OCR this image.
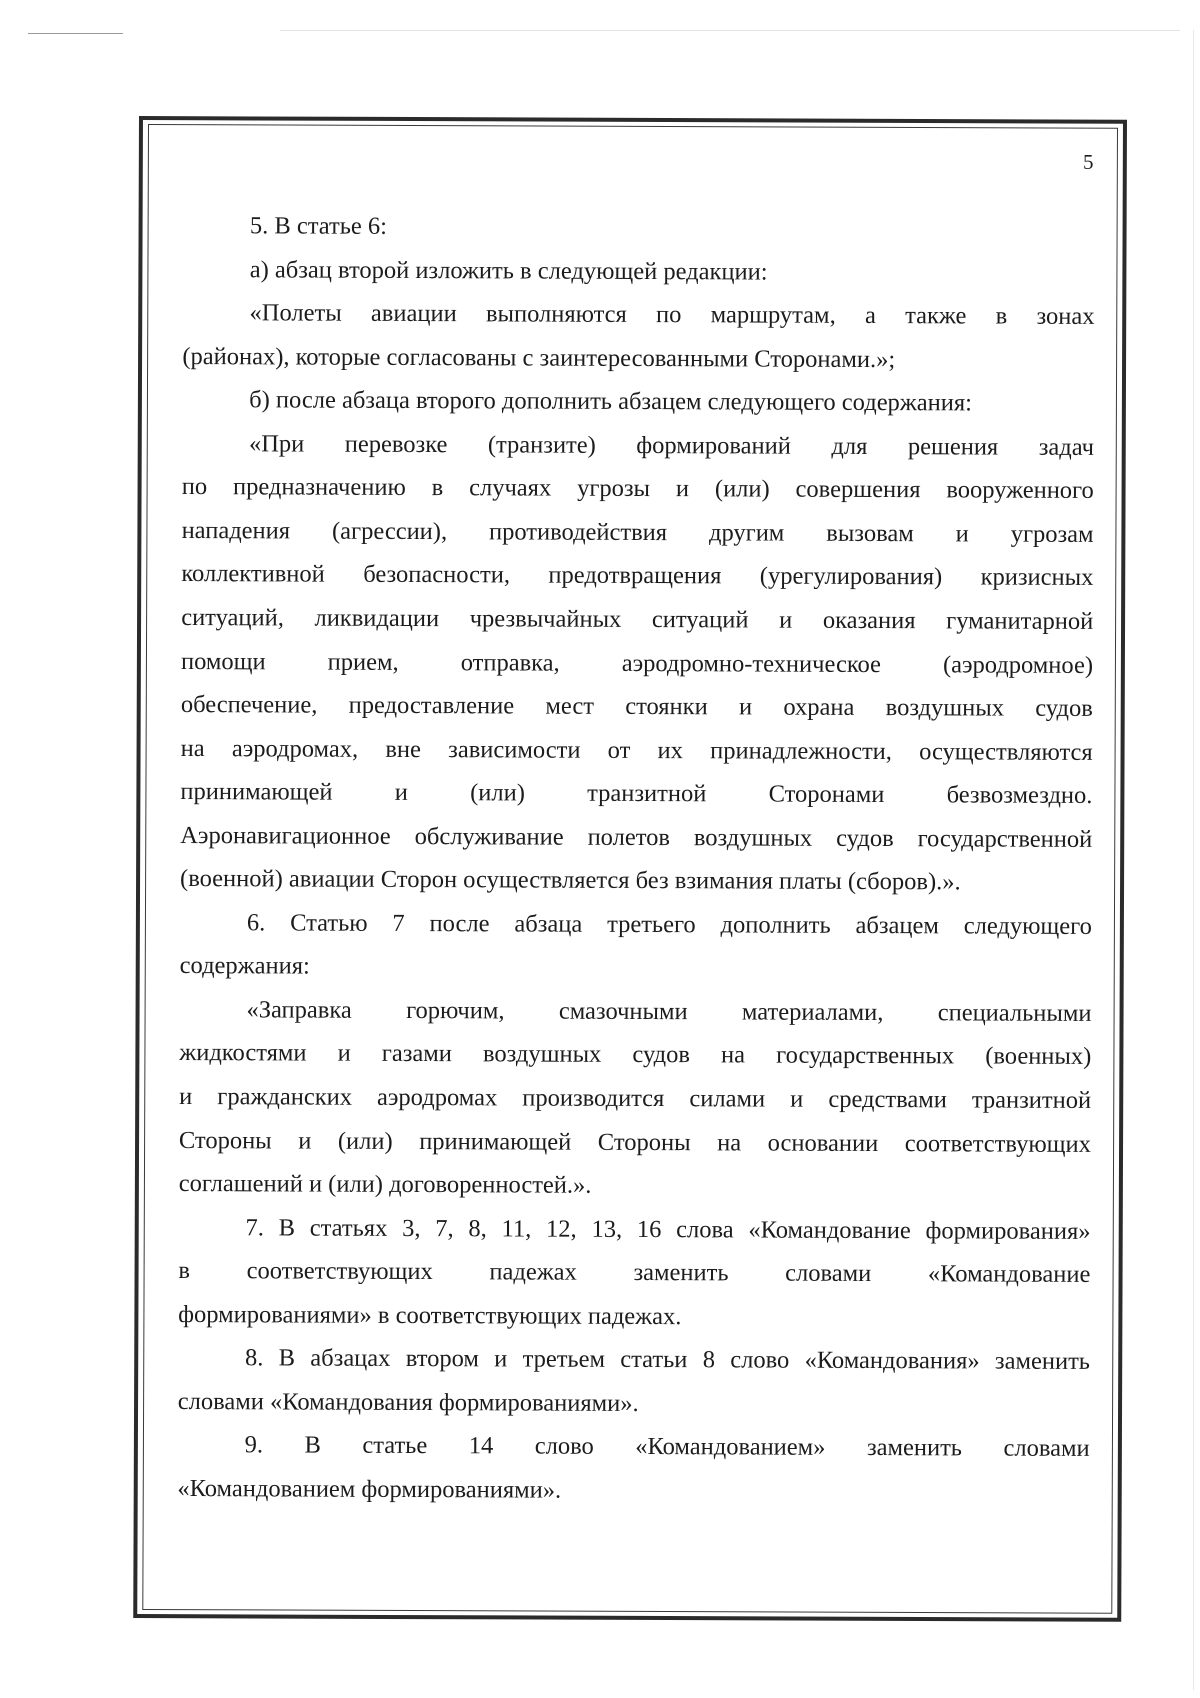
5
5. В статье 6:
а) абзац второй изложить в следующей редакции:
«Полеты авиации выполняются по маршрутам, а также в зонах
(районах), которые согласованы с заинтересованными Сторонами.»;
б) после абзаца второго дополнить абзацем следующего содержания:
«При перевозке (транзите) формирований для решения задач
по предназначению в случаях угрозы и (или) совершения вооруженного
нападения (агрессии), противодействия другим вызовам и угрозам
коллективной безопасности, предотвращения (урегулирования) кризисных
ситуаций, ликвидации чрезвычайных ситуаций и оказания гуманитарной
помощи прием, отправка, аэродромно-техническое (аэродромное)
обеспечение, предоставление мест стоянки и охрана воздушных судов
на аэродромах, вне зависимости от их принадлежности, осуществляются
принимающей и (или) транзитной Сторонами безвозмездно.
Аэронавигационное обслуживание полетов воздушных судов государственной
(военной) авиации Сторон осуществляется без взимания платы (сборов).».
6. Статью 7 после абзаца третьего дополнить абзацем следующего
содержания:
«Заправка горючим, смазочными материалами, специальными
жидкостями и газами воздушных судов на государственных (военных)
и гражданских аэродромах производится силами и средствами транзитной
Стороны и (или) принимающей Стороны на основании соответствующих
соглашений и (или) договоренностей.».
7. В статьях 3, 7, 8, 11, 12, 13, 16 слова «Командование формирования»
в соответствующих падежах заменить словами «Командование
формированиями» в соответствующих падежах.
8. В абзацах втором и третьем статьи 8 слово «Командования» заменить
словами «Командования формированиями».
9. В статье 14 слово «Командованием» заменить словами
«Командованием формированиями».
